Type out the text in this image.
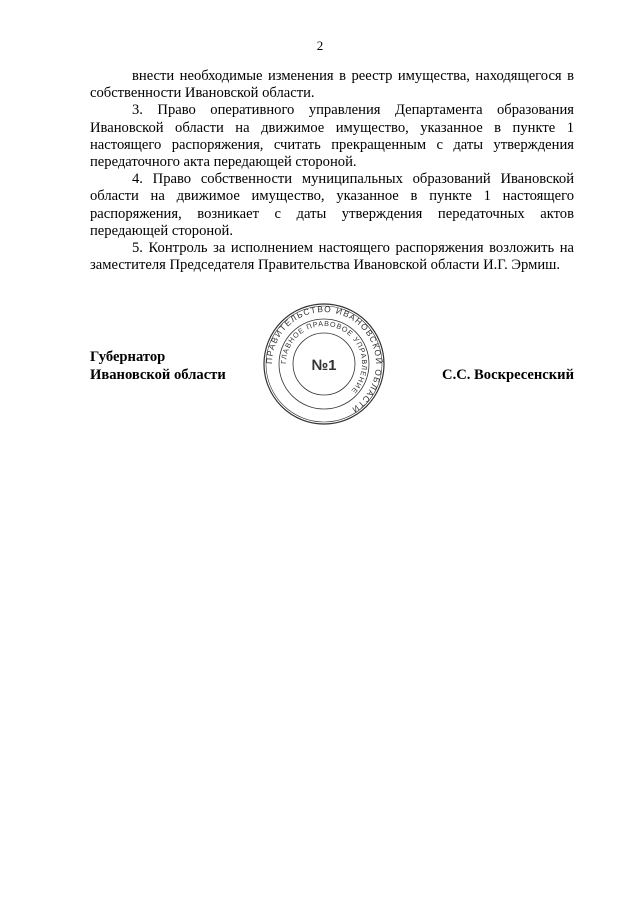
2

внести необходимые изменения в реестр имущества, находящегося в собственности Ивановской области.

3. Право оперативного управления Департамента образования Ивановской области на движимое имущество, указанное в пункте 1 настоящего распоряжения, считать прекращенным с даты утверждения передаточного акта передающей стороной.

4. Право собственности муниципальных образований Ивановской области на движимое имущество, указанное в пункте 1 настоящего распоряжения, возникает с даты утверждения передаточных актов передающей стороной.

5. Контроль за исполнением настоящего распоряжения возложить на заместителя Председателя Правительства Ивановской области И.Г. Эрмиш.

Губернатор
Ивановской области	С.С. Воскресенский
ПРАВИТЕЛЬСТВО ИВАНОВСКОЙ ОБЛАСТИ
ГЛАВНОЕ ПРАВОВОЕ УПРАВЛЕНИЕ
№1
